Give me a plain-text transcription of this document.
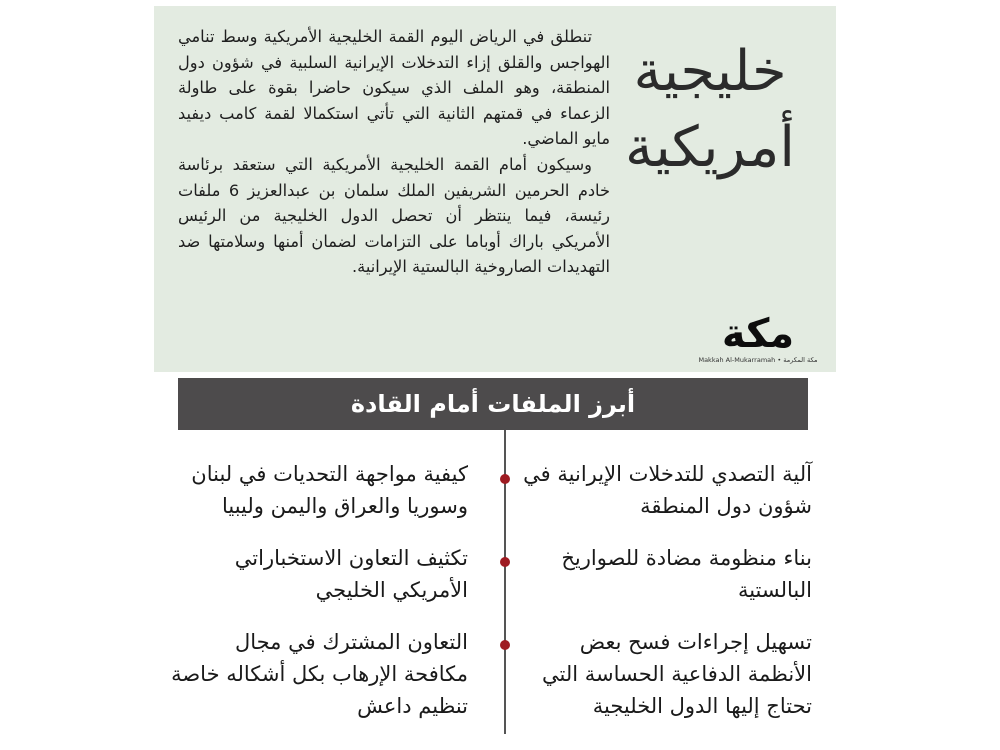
خليجية
أمريكية

تنطلق في الرياض اليوم القمة الخليجية الأمريكية وسط تنامي الهواجس والقلق إزاء التدخلات الإيرانية السلبية في شؤون دول المنطقة، وهو الملف الذي سيكون حاضرا بقوة على طاولة الزعماء في قمتهم الثانية التي تأتي استكمالا لقمة كامب ديفيد مايو الماضي.

وسيكون أمام القمة الخليجية الأمريكية التي ستعقد برئاسة خادم الحرمين الشريفين الملك سلمان بن عبدالعزيز 6 ملفات رئيسة، فيما ينتظر أن تحصل الدول الخليجية من الرئيس الأمريكي باراك أوباما على التزامات لضمان أمنها وسلامتها ضد التهديدات الصاروخية البالستية الإيرانية.

مكة
Makkah Al-Mukarramah • مكة المكرمة
أبرز الملفات أمام القادة
آلية التصدي للتدخلات الإيرانية في شؤون دول المنطقة
بناء منظومة مضادة للصواريخ البالستية
تسهيل إجراءات فسح بعض الأنظمة الدفاعية الحساسة التي تحتاج إليها الدول الخليجية
كيفية مواجهة التحديات في لبنان وسوريا والعراق واليمن وليبيا
تكثيف التعاون الاستخباراتي الأمريكي الخليجي
التعاون المشترك في مجال مكافحة الإرهاب بكل أشكاله خاصة تنظيم داعش
